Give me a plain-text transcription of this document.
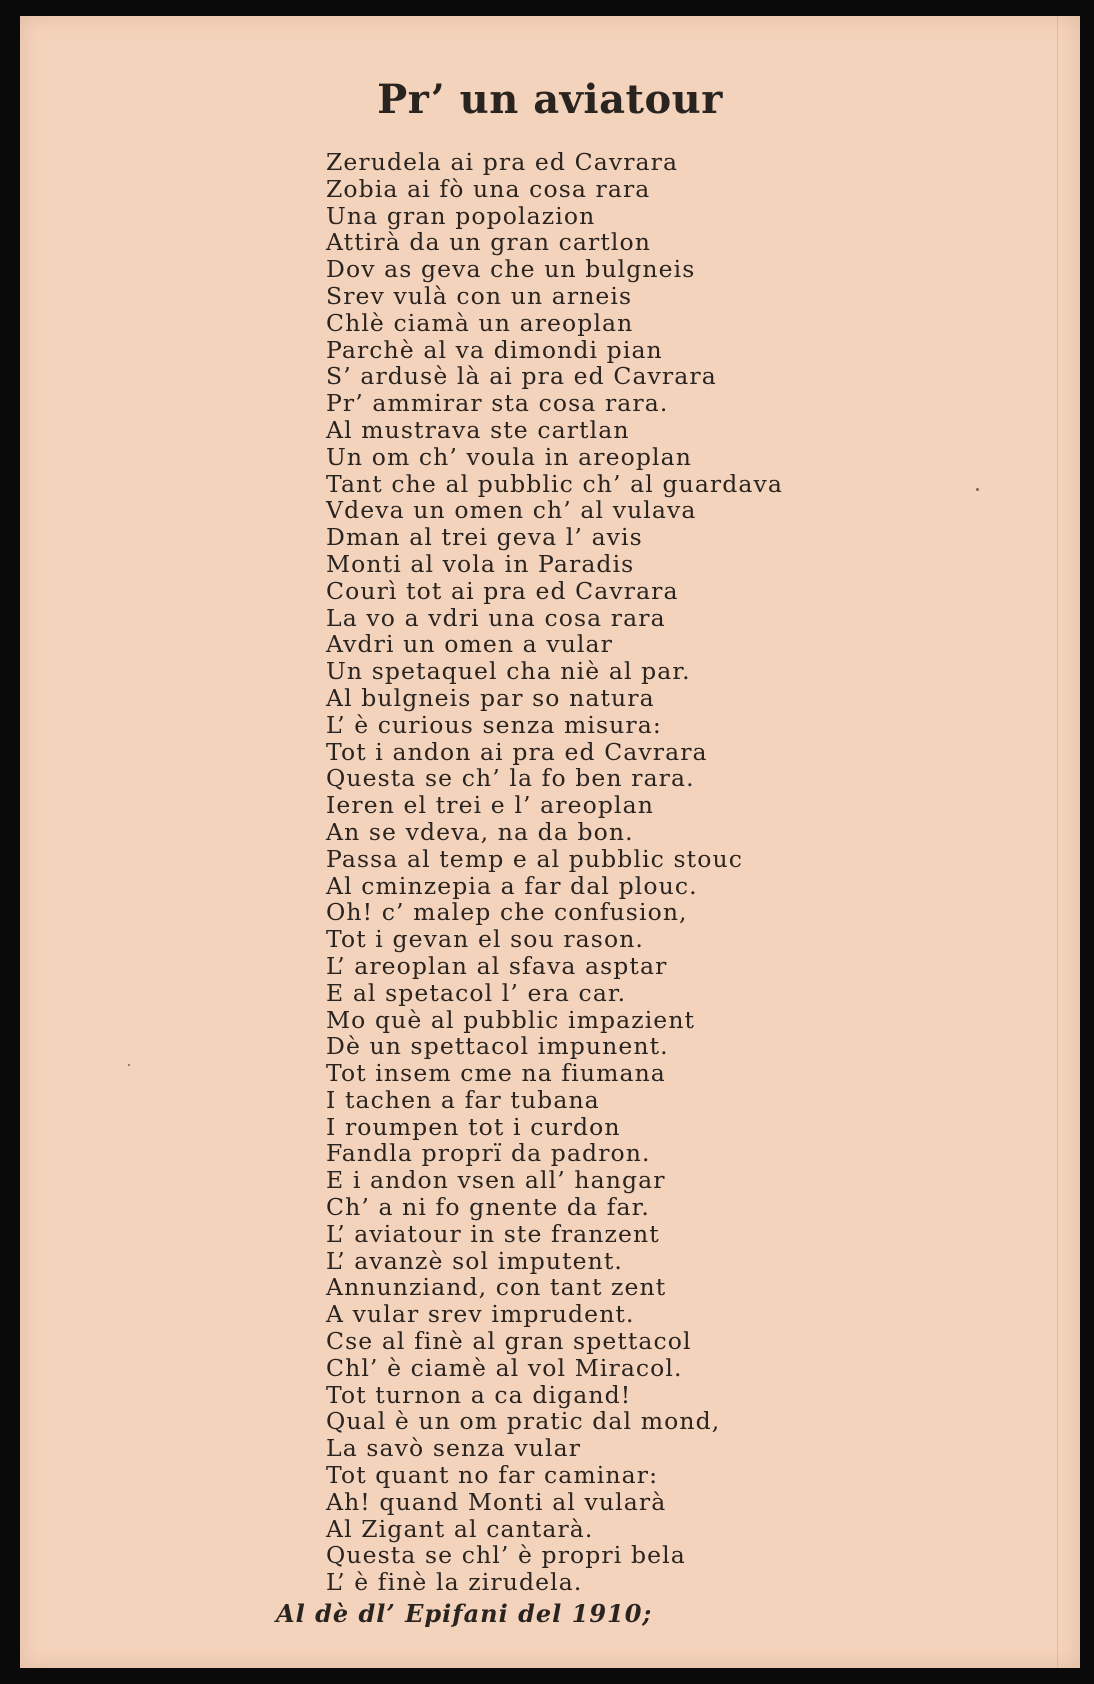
Pr’ un aviatour
Zerudela ai pra ed Cavrara
Zobia ai fò una cosa rara
Una gran popolazion
Attirà da un gran cartlon
Dov as geva che un bulgneis
Srev vulà con un arneis
Chlè ciamà un areoplan
Parchè al va dimondi pian
S’ ardusè là ai pra ed Cavrara
Pr’ ammirar sta cosa rara.
Al mustrava ste cartlan
Un om ch’ voula in areoplan
Tant che al pubblic ch’ al guardava
Vdeva un omen ch’ al vulava
Dman al trei geva l’ avis
Monti al vola in Paradis
Courì tot ai pra ed Cavrara
La vo a vdri una cosa rara
Avdri un omen a vular
Un spetaquel cha niè al par.
Al bulgneis par so natura
L’ è curious senza misura:
Tot i andon ai pra ed Cavrara
Questa se ch’ la fo ben rara.
Ieren el trei e l’ areoplan
An se vdeva, na da bon.
Passa al temp e al pubblic stouc
Al cminzepia a far dal plouc.
Oh! c’ malep che confusion,
Tot i gevan el sou rason.
L’ areoplan al sfava asptar
E al spetacol l’ era car.
Mo què al pubblic impazient
Dè un spettacol impunent.
Tot insem cme na fiumana
I tachen a far tubana
I roumpen tot i curdon
Fandla proprï da padron.
E i andon vsen all’ hangar
Ch’ a ni fo gnente da far.
L’ aviatour in ste franzent
L’ avanzè sol imputent.
Annunziand, con tant zent
A vular srev imprudent.
Cse al finè al gran spettacol
Chl’ è ciamè al vol Miracol.
Tot turnon a ca digand!
Qual è un om pratic dal mond,
La savò senza vular
Tot quant no far caminar:
Ah! quand Monti al vularà
Al Zigant al cantarà.
Questa se chl’ è propri bela
L’ è finè la zirudela.

Al dè dl’ Epifani del 1910;
